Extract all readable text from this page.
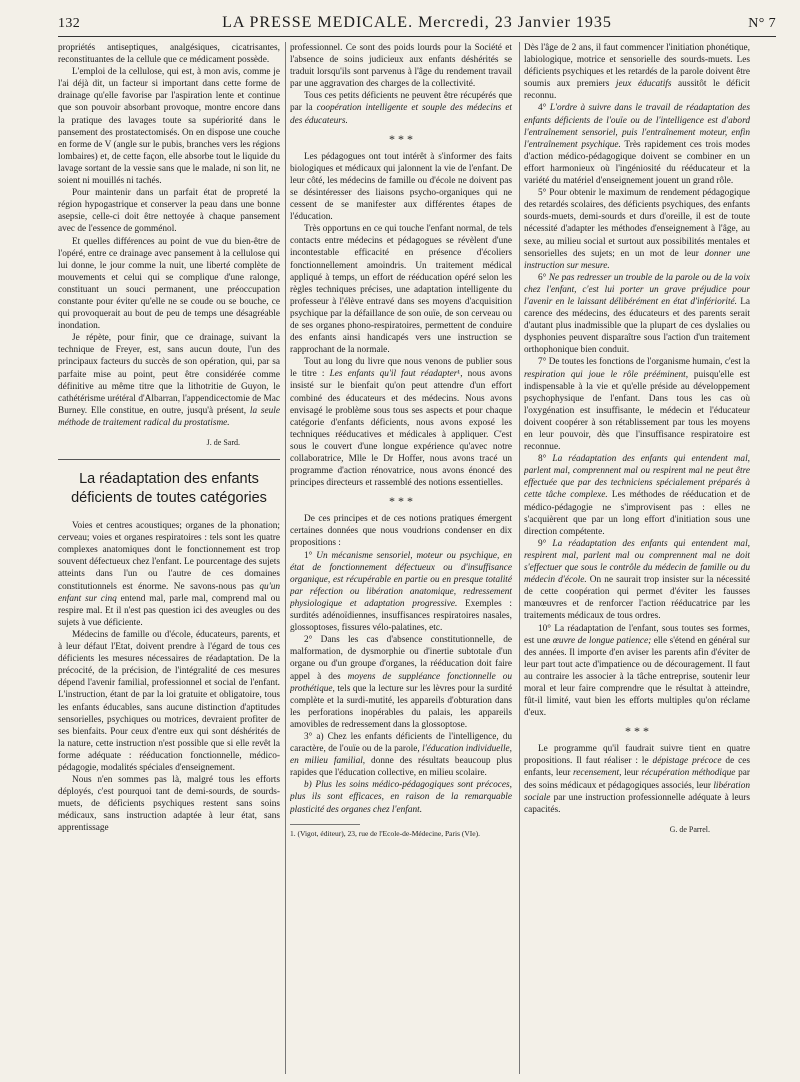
132	LA PRESSE MEDICALE. Mercredi, 23 Janvier 1935	N° 7

propriétés antiseptiques, analgésiques, cicatrisantes, reconstituantes de la cellule que ce médicament possède.

L'emploi de la cellulose, qui est, à mon avis, comme je l'ai déjà dit, un facteur si important dans cette forme de drainage qu'elle favorise par l'aspiration lente et continue que son pouvoir absorbant provoque, montre encore dans la pratique des lavages toute sa supériorité dans le pansement des prostatectomisés. On en dispose une couche en forme de V (angle sur le pubis, branches vers les régions lombaires) et, de cette façon, elle absorbe tout le liquide du lavage sortant de la vessie sans que le malade, ni son lit, ne soient ni mouillés ni tachés.

Pour maintenir dans un parfait état de propreté la région hypogastrique et conserver la peau dans une bonne asepsie, celle-ci doit être nettoyée à chaque pansement avec de l'essence de gomménol.

Et quelles différences au point de vue du bien-être de l'opéré, entre ce drainage avec pansement à la cellulose qui lui donne, le jour comme la nuit, une liberté complète de mouvements et celui qui se complique d'une ralonge, constituant un souci permanent, une préoccupation constante pour éviter qu'elle ne se coude ou se bouche, ce qui provoquerait au bout de peu de temps une désagréable inondation.

Je répète, pour finir, que ce drainage, suivant la technique de Freyer, est, sans aucun doute, l'un des principaux facteurs du succès de son opération, qui, par sa parfaite mise au point, peut être considérée comme définitive au même titre que la lithotritie de Guyon, le cathétérisme urétéral d'Albarran, l'appendicectomie de Mac Burney. Elle constitue, en outre, jusqu'à présent, la seule méthode de traitement radical du prostatisme.

J. de Sard.

La réadaptation des enfants déficients de toutes catégories

Voies et centres acoustiques; organes de la phonation; cerveau; voies et organes respiratoires : tels sont les quatre complexes anatomiques dont le fonctionnement est trop souvent défectueux chez l'enfant. Le pourcentage des sujets atteints dans l'un ou l'autre de ces domaines constitutionnels est énorme. Ne savons-nous pas qu'un enfant sur cinq entend mal, parle mal, comprend mal ou respire mal. Et il n'est pas question ici des aveugles ou des sujets à vue déficiente.

Médecins de famille ou d'école, éducateurs, parents, et à leur défaut l'Etat, doivent prendre à l'égard de tous ces déficients les mesures nécessaires de réadaptation. De la précocité, de la précision, de l'intégralité de ces mesures dépend l'avenir familial, professionnel et social de l'enfant. L'instruction, étant de par la loi gratuite et obligatoire, tous les enfants éducables, sans aucune distinction d'aptitudes sensorielles, psychiques ou motrices, devraient profiter de ses bienfaits. Pour ceux d'entre eux qui sont déshérités de la nature, cette instruction n'est possible que si elle revêt la forme adéquate : rééducation fonctionnelle, médico-pédagogie, modalités spéciales d'enseignement.

Nous n'en sommes pas là, malgré tous les efforts déployés, c'est pourquoi tant de demi-sourds, de sourds-muets, de déficients psychiques restent sans soins médicaux, sans instruction adaptée à leur état, sans apprentissage

professionnel. Ce sont des poids lourds pour la Société et l'absence de soins judicieux aux enfants déshérités se traduit lorsqu'ils sont parvenus à l'âge du rendement travail par une aggravation des charges de la collectivité.

Tous ces petits déficients ne peuvent être récupérés que par la coopération intelligente et souple des médecins et des éducateurs.

* * *

Les pédagogues ont tout intérêt à s'informer des faits biologiques et médicaux qui jalonnent la vie de l'enfant. De leur côté, les médecins de famille ou d'école ne doivent pas se désintéresser des liaisons psycho-organiques qui ne cessent de se manifester aux différentes étapes de l'éducation.

Très opportuns en ce qui touche l'enfant normal, de tels contacts entre médecins et pédagogues se révèlent d'une incontestable efficacité en présence d'écoliers fonctionnellement amoindris. Un traitement médical appliqué à temps, un effort de rééducation opéré selon les règles techniques précises, une adaptation intelligente du professeur à l'élève entravé dans ses moyens d'acquisition psychique par la défaillance de son ouïe, de son cerveau ou de ses organes phono-respiratoires, permettent de conduire des enfants ainsi handicapés vers une instruction se rapprochant de la normale.

Tout au long du livre que nous venons de publier sous le titre : Les enfants qu'il faut réadapter¹, nous avons insisté sur le bienfait qu'on peut attendre d'un effort combiné des éducateurs et des médecins. Nous avons envisagé le problème sous tous ses aspects et pour chaque catégorie d'enfants déficients, nous avons exposé les techniques rééducatives et médicales à appliquer. C'est sous le couvert d'une longue expérience qu'avec notre collaboratrice, Mlle le Dr Hoffer, nous avons tracé un programme d'action rénovatrice, nous avons énoncé des principes directeurs et rassemblé des notions essentielles.

* * *

De ces principes et de ces notions pratiques émergent certaines données que nous voudrions condenser en dix propositions :

1° Un mécanisme sensoriel, moteur ou psychique, en état de fonctionnement défectueux ou d'insuffisance organique, est récupérable en partie ou en presque totalité par réfection ou libération anatomique, redressement physiologique et adaptation progressive. Exemples : surdités adénoïdiennes, insuffisances respiratoires nasales, glossoptoses, fissures vélo-palatines, etc.

2° Dans les cas d'absence constitutionnelle, de malformation, de dysmorphie ou d'inertie subtotale d'un organe ou d'un groupe d'organes, la rééducation doit faire appel à des moyens de suppléance fonctionnelle ou prothétique, tels que la lecture sur les lèvres pour la surdité complète et la surdi-mutité, les appareils d'obturation dans les perforations inopérables du palais, les appareils amovibles de redressement dans la glossoptose.

3° a) Chez les enfants déficients de l'intelligence, du caractère, de l'ouïe ou de la parole, l'éducation individuelle, en milieu familial, donne des résultats beaucoup plus rapides que l'éducation collective, en milieu scolaire.

b) Plus les soins médico-pédagogiques sont précoces, plus ils sont efficaces, en raison de la remarquable plasticité des organes chez l'enfant.

1. (Vigot, éditeur), 23, rue de l'Ecole-de-Médecine, Paris (VIe).

Dès l'âge de 2 ans, il faut commencer l'initiation phonétique, labiologique, motrice et sensorielle des sourds-muets. Les déficients psychiques et les retardés de la parole doivent être soumis aux premiers jeux éducatifs aussitôt le déficit reconnu.

4° L'ordre à suivre dans le travail de réadaptation des enfants déficients de l'ouïe ou de l'intelligence est d'abord l'entraînement sensoriel, puis l'entraînement moteur, enfin l'entraînement psychique. Très rapidement ces trois modes d'action médico-pédagogique doivent se combiner en un effort harmonieux où l'ingéniosité du rééducateur et la variété du matériel d'enseignement jouent un grand rôle.

5° Pour obtenir le maximum de rendement pédagogique des retardés scolaires, des déficients psychiques, des enfants sourds-muets, demi-sourds et durs d'oreille, il est de toute nécessité d'adapter les méthodes d'enseignement à l'âge, au sexe, au milieu social et surtout aux possibilités mentales et sensorielles des sujets; en un mot de leur donner une instruction sur mesure.

6° Ne pas redresser un trouble de la parole ou de la voix chez l'enfant, c'est lui porter un grave préjudice pour l'avenir en le laissant délibérément en état d'infériorité. La carence des médecins, des éducateurs et des parents serait d'autant plus inadmissible que la plupart de ces dyslalies ou dysphonies peuvent disparaître sous l'action d'un traitement orthophonique bien conduit.

7° De toutes les fonctions de l'organisme humain, c'est la respiration qui joue le rôle prééminent, puisqu'elle est indispensable à la vie et qu'elle préside au développement psychophysique de l'enfant. Dans tous les cas où l'oxygénation est insuffisante, le médecin et l'éducateur doivent coopérer à son rétablissement par tous les moyens en leur pouvoir, dès que l'insuffisance respiratoire est reconnue.

8° La réadaptation des enfants qui entendent mal, parlent mal, comprennent mal ou respirent mal ne peut être effectuée que par des techniciens spécialement préparés à cette tâche complexe. Les méthodes de rééducation et de médico-pédagogie ne s'improvisent pas : elles ne s'acquièrent que par un long effort d'initiation sous une direction compétente.

9° La réadaptation des enfants qui entendent mal, respirent mal, parlent mal ou comprennent mal ne doit s'effectuer que sous le contrôle du médecin de famille ou du médecin d'école. On ne saurait trop insister sur la nécessité de cette coopération qui permet d'éviter les fausses manœuvres et de renforcer l'action rééducatrice par les traitements médicaux de tous ordres.

10° La réadaptation de l'enfant, sous toutes ses formes, est une œuvre de longue patience; elle s'étend en général sur des années. Il importe d'en aviser les parents afin d'éviter de leur part tout acte d'impatience ou de découragement. Il faut au contraire les associer à la tâche entreprise, soutenir leur moral et leur faire comprendre que le résultat à atteindre, fût-il limité, vaut bien les efforts multiples qu'on réclame d'eux.

* * *

Le programme qu'il faudrait suivre tient en quatre propositions. Il faut réaliser : le dépistage précoce de ces enfants, leur recensement, leur récupération méthodique par des soins médicaux et pédagogiques associés, leur libération sociale par une instruction professionnelle adéquate à leurs capacités.

G. de Parrel.
